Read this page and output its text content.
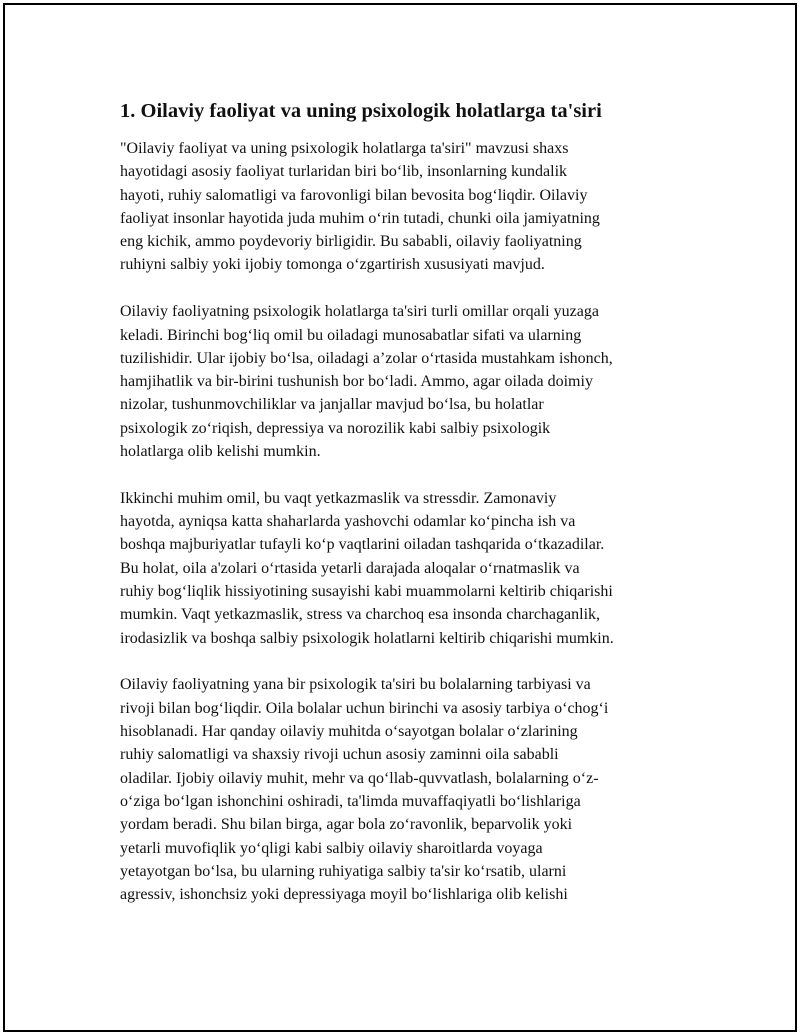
1. Oilaviy faoliyat va uning psixologik holatlarga ta'siri
"Oilaviy faoliyat va uning psixologik holatlarga ta'siri" mavzusi shaxs
hayotidagi asosiy faoliyat turlaridan biri bo‘lib, insonlarning kundalik
hayoti, ruhiy salomatligi va farovonligi bilan bevosita bog‘liqdir. Oilaviy
faoliyat insonlar hayotida juda muhim o‘rin tutadi, chunki oila jamiyatning
eng kichik, ammo poydevoriy birligidir. Bu sababli, oilaviy faoliyatning
ruhiyni salbiy yoki ijobiy tomonga o‘zgartirish xususiyati mavjud.
Oilaviy faoliyatning psixologik holatlarga ta'siri turli omillar orqali yuzaga
keladi. Birinchi bog‘liq omil bu oiladagi munosabatlar sifati va ularning
tuzilishidir. Ular ijobiy bo‘lsa, oiladagi a’zolar o‘rtasida mustahkam ishonch,
hamjihatlik va bir-birini tushunish bor bo‘ladi. Ammo, agar oilada doimiy
nizolar, tushunmovchiliklar va janjallar mavjud bo‘lsa, bu holatlar
psixologik zo‘riqish, depressiya va norozilik kabi salbiy psixologik
holatlarga olib kelishi mumkin.
Ikkinchi muhim omil, bu vaqt yetkazmaslik va stressdir. Zamonaviy
hayotda, ayniqsa katta shaharlarda yashovchi odamlar ko‘pincha ish va
boshqa majburiyatlar tufayli ko‘p vaqtlarini oiladan tashqarida o‘tkazadilar.
Bu holat, oila a'zolari o‘rtasida yetarli darajada aloqalar o‘rnatmaslik va
ruhiy bog‘liqlik hissiyotining susayishi kabi muammolarni keltirib chiqarishi
mumkin. Vaqt yetkazmaslik, stress va charchoq esa insonda charchaganlik,
irodasizlik va boshqa salbiy psixologik holatlarni keltirib chiqarishi mumkin.
Oilaviy faoliyatning yana bir psixologik ta'siri bu bolalarning tarbiyasi va
rivoji bilan bog‘liqdir. Oila bolalar uchun birinchi va asosiy tarbiya o‘chog‘i
hisoblanadi. Har qanday oilaviy muhitda o‘sayotgan bolalar o‘zlarining
ruhiy salomatligi va shaxsiy rivoji uchun asosiy zaminni oila sababli
oladilar. Ijobiy oilaviy muhit, mehr va qo‘llab-quvvatlash, bolalarning o‘z-
o‘ziga bo‘lgan ishonchini oshiradi, ta'limda muvaffaqiyatli bo‘lishlariga
yordam beradi. Shu bilan birga, agar bola zo‘ravonlik, beparvolik yoki
yetarli muvofiqlik yo‘qligi kabi salbiy oilaviy sharoitlarda voyaga
yetayotgan bo‘lsa, bu ularning ruhiyatiga salbiy ta'sir ko‘rsatib, ularni
agressiv, ishonchsiz yoki depressiyaga moyil bo‘lishlariga olib kelishi
